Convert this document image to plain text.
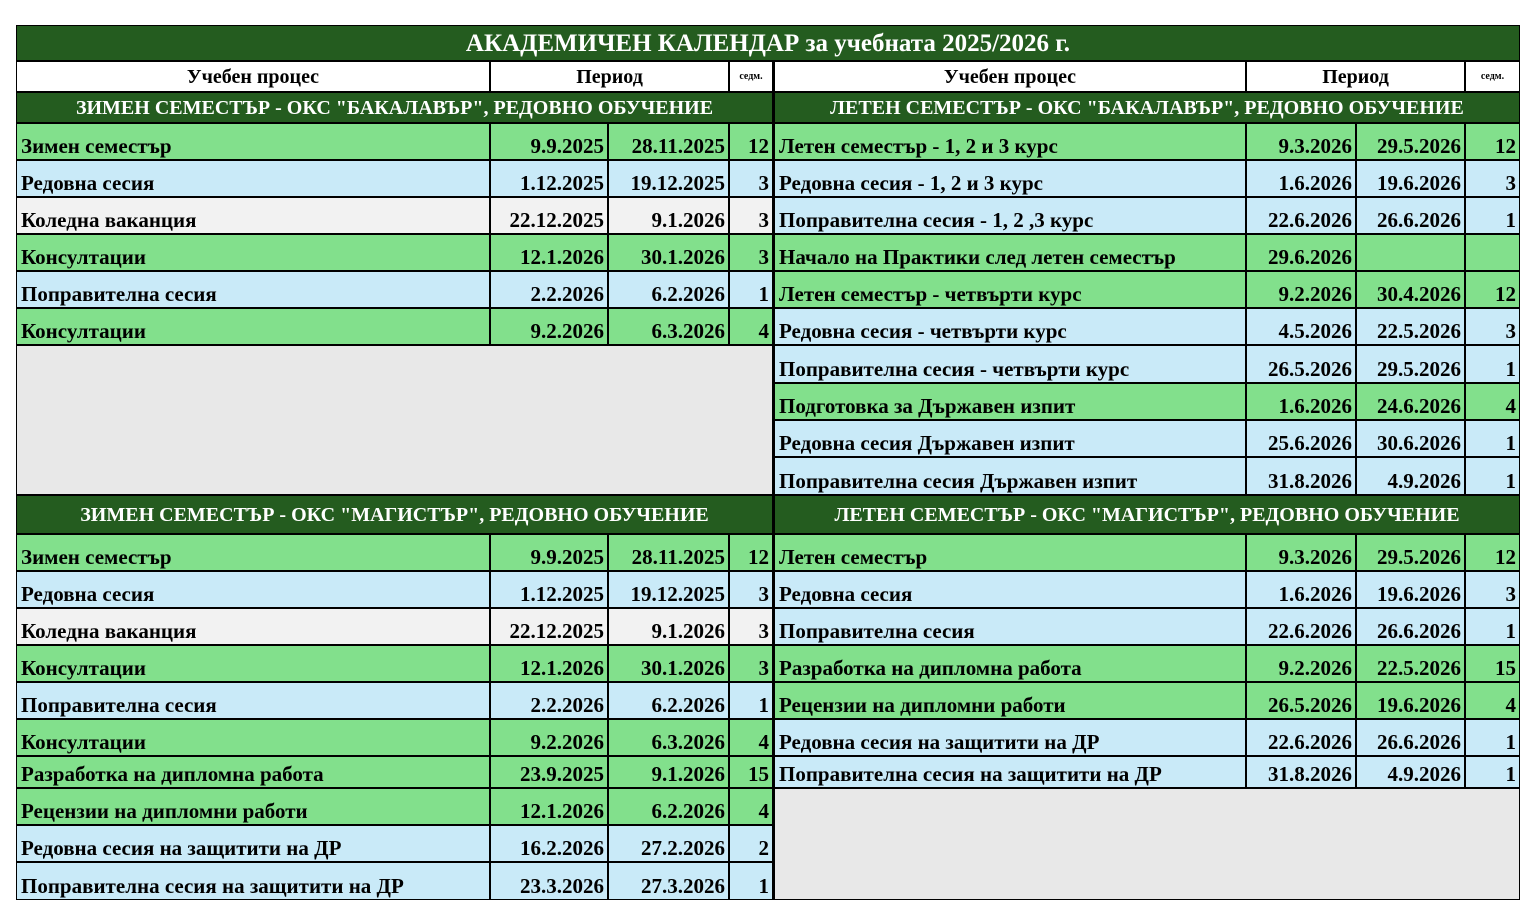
АКАДЕМИЧЕН КАЛЕНДАР за учебната 2025/2026 г.
Учебен процес	Период	седм.	Учебен процес	Период	седм.
ЗИМЕН СЕМЕСТЪР - ОКС "БАКАЛАВЪР", РЕДОВНО ОБУЧЕНИЕ
Зимен семестър	9.9.2025	28.11.2025	12
Редовна сесия	1.12.2025	19.12.2025	3
Коледна ваканция	22.12.2025	9.1.2026	3
Консултации	12.1.2026	30.1.2026	3
Поправителна сесия	2.2.2026	6.2.2026	1
Консултации	9.2.2026	6.3.2026	4
ЛЕТЕН СЕМЕСТЪР - ОКС "БАКАЛАВЪР", РЕДОВНО ОБУЧЕНИЕ
Летен семестър - 1, 2 и 3 курс	9.3.2026	29.5.2026	12
Редовна сесия - 1, 2 и 3 курс	1.6.2026	19.6.2026	3
Поправителна сесия - 1, 2 ,3 курс	22.6.2026	26.6.2026	1
Начало на Практики след летен семестър	29.6.2026
Летен семестър - четвърти курс	9.2.2026	30.4.2026	12
Редовна сесия - четвърти курс	4.5.2026	22.5.2026	3
Поправителна сесия - четвърти курс	26.5.2026	29.5.2026	1
Подготовка за Държавен изпит	1.6.2026	24.6.2026	4
Редовна сесия Държавен изпит	25.6.2026	30.6.2026	1
Поправителна сесия Държавен изпит	31.8.2026	4.9.2026	1
ЗИМЕН СЕМЕСТЪР - ОКС "МАГИСТЪР", РЕДОВНО ОБУЧЕНИЕ
Зимен семестър	9.9.2025	28.11.2025	12
Редовна сесия	1.12.2025	19.12.2025	3
Коледна ваканция	22.12.2025	9.1.2026	3
Консултации	12.1.2026	30.1.2026	3
Поправителна сесия	2.2.2026	6.2.2026	1
Консултации	9.2.2026	6.3.2026	4
Разработка на дипломна работа	23.9.2025	9.1.2026	15
Рецензии на дипломни работи	12.1.2026	6.2.2026	4
Редовна сесия на защитити на ДР	16.2.2026	27.2.2026	2
Поправителна сесия на защитити на ДР	23.3.2026	27.3.2026	1
ЛЕТЕН СЕМЕСТЪР - ОКС "МАГИСТЪР", РЕДОВНО ОБУЧЕНИЕ
Летен семестър	9.3.2026	29.5.2026	12
Редовна сесия	1.6.2026	19.6.2026	3
Поправителна сесия	22.6.2026	26.6.2026	1
Разработка на дипломна работа	9.2.2026	22.5.2026	15
Рецензии на дипломни работи	26.5.2026	19.6.2026	4
Редовна сесия на защитити на ДР	22.6.2026	26.6.2026	1
Поправителна сесия на защитити на ДР	31.8.2026	4.9.2026	1
